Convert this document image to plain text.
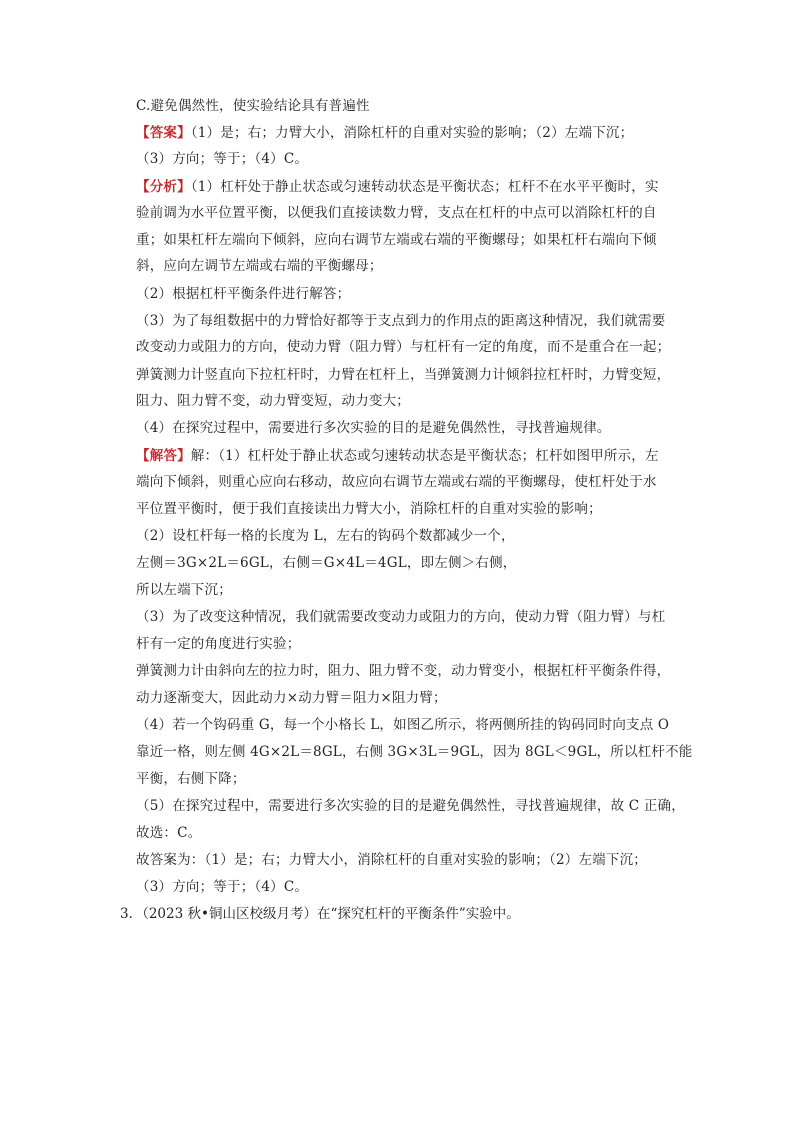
C.避免偶然性，使实验结论具有普遍性
【答案】（1）是；右；力臂大小，消除杠杆的自重对实验的影响；（2）左端下沉；
（3）方向；等于；（4）C。
【分析】（1）杠杆处于静止状态或匀速转动状态是平衡状态；杠杆不在水平平衡时，实
验前调为水平位置平衡，以便我们直接读数力臂，支点在杠杆的中点可以消除杠杆的自
重；如果杠杆左端向下倾斜，应向右调节左端或右端的平衡螺母；如果杠杆右端向下倾
斜，应向左调节左端或右端的平衡螺母；
（2）根据杠杆平衡条件进行解答；
（3）为了每组数据中的力臂恰好都等于支点到力的作用点的距离这种情况，我们就需要
改变动力或阻力的方向，使动力臂（阻力臂）与杠杆有一定的角度，而不是重合在一起；
弹簧测力计竖直向下拉杠杆时，力臂在杠杆上，当弹簧测力计倾斜拉杠杆时，力臂变短，
阻力、阻力臂不变，动力臂变短，动力变大；
（4）在探究过程中，需要进行多次实验的目的是避免偶然性，寻找普遍规律。
【解答】解：（1）杠杆处于静止状态或匀速转动状态是平衡状态；杠杆如图甲所示，左
端向下倾斜，则重心应向右移动，故应向右调节左端或右端的平衡螺母，使杠杆处于水
平位置平衡时，便于我们直接读出力臂大小，消除杠杆的自重对实验的影响；
（2）设杠杆每一格的长度为 L，左右的钩码个数都减少一个，
左侧＝3G×2L＝6GL，右侧＝G×4L＝4GL，即左侧＞右侧，
所以左端下沉；
（3）为了改变这种情况，我们就需要改变动力或阻力的方向，使动力臂（阻力臂）与杠
杆有一定的角度进行实验；
弹簧测力计由斜向左的拉力时，阻力、阻力臂不变，动力臂变小，根据杠杆平衡条件得，
动力逐渐变大，因此动力×动力臂＝阻力×阻力臂；
（4）若一个钩码重 G，每一个小格长 L，如图乙所示，将两侧所挂的钩码同时向支点 O
靠近一格，则左侧 4G×2L＝8GL，右侧 3G×3L＝9GL，因为 8GL＜9GL，所以杠杆不能
平衡，右侧下降；
（5）在探究过程中，需要进行多次实验的目的是避免偶然性，寻找普遍规律，故 C 正确，
故选：C。
故答案为：（1）是；右；力臂大小，消除杠杆的自重对实验的影响；（2）左端下沉；
（3）方向；等于；（4）C。
3．（2023 秋•铜山区校级月考）在“探究杠杆的平衡条件”实验中。
